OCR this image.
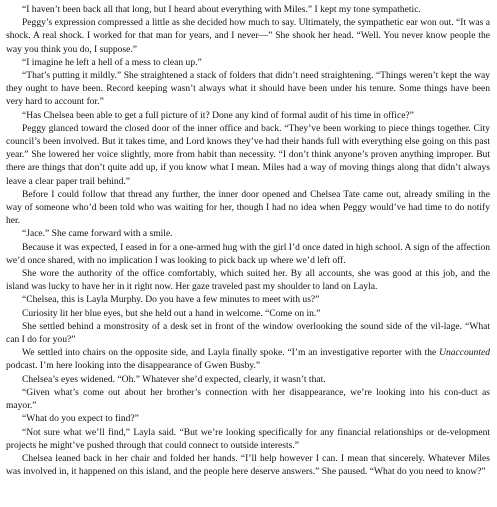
“I haven’t been back all that long, but I heard about everything with Miles.” I kept my tone sympathetic.

Peggy’s expression compressed a little as she decided how much to say. Ultimately, the sympathetic ear won out. “It was a shock. A real shock. I worked for that man for years, and I never—” She shook her head. “Well. You never know people the way you think you do, I suppose.”

“I imagine he left a hell of a mess to clean up.”

“That’s putting it mildly.” She straightened a stack of folders that didn’t need straightening. “Things weren’t kept the way they ought to have been. Record keeping wasn’t always what it should have been under his tenure. Some things have been very hard to account for.”

“Has Chelsea been able to get a full picture of it? Done any kind of formal audit of his time in office?”

Peggy glanced toward the closed door of the inner office and back. “They’ve been working to piece things together. City council’s been involved. But it takes time, and Lord knows they’ve had their hands full with everything else going on this past year.” She lowered her voice slightly, more from habit than necessity. “I don’t think anyone’s proven anything improper. But there are things that don’t quite add up, if you know what I mean. Miles had a way of moving things along that didn’t always leave a clear paper trail behind.”

Before I could follow that thread any further, the inner door opened and Chelsea Tate came out, already smiling in the way of someone who’d been told who was waiting for her, though I had no idea when Peggy would’ve had time to do notify her.

“Jace.” She came forward with a smile.

Because it was expected, I eased in for a one-armed hug with the girl I’d once dated in high school. A sign of the affection we’d once shared, with no implication I was looking to pick back up where we’d left off.

She wore the authority of the office comfortably, which suited her. By all accounts, she was good at this job, and the island was lucky to have her in it right now. Her gaze traveled past my shoulder to land on Layla.

“Chelsea, this is Layla Murphy. Do you have a few minutes to meet with us?”

Curiosity lit her blue eyes, but she held out a hand in welcome. “Come on in.”

She settled behind a monstrosity of a desk set in front of the window overlooking the sound side of the vil-lage. “What can I do for you?”

We settled into chairs on the opposite side, and Layla finally spoke. “I’m an investigative reporter with the Unaccounted podcast. I’m here looking into the disappearance of Gwen Busby.”

Chelsea’s eyes widened. “Oh.” Whatever she’d expected, clearly, it wasn’t that.

“Given what’s come out about her brother’s connection with her disappearance, we’re looking into his con-duct as mayor.”

“What do you expect to find?”

“Not sure what we’ll find,” Layla said. “But we’re looking specifically for any financial relationships or de-velopment projects he might’ve pushed through that could connect to outside interests.”

Chelsea leaned back in her chair and folded her hands. “I’ll help however I can. I mean that sincerely. Whatever Miles was involved in, it happened on this island, and the people here deserve answers.” She paused. “What do you need to know?”
